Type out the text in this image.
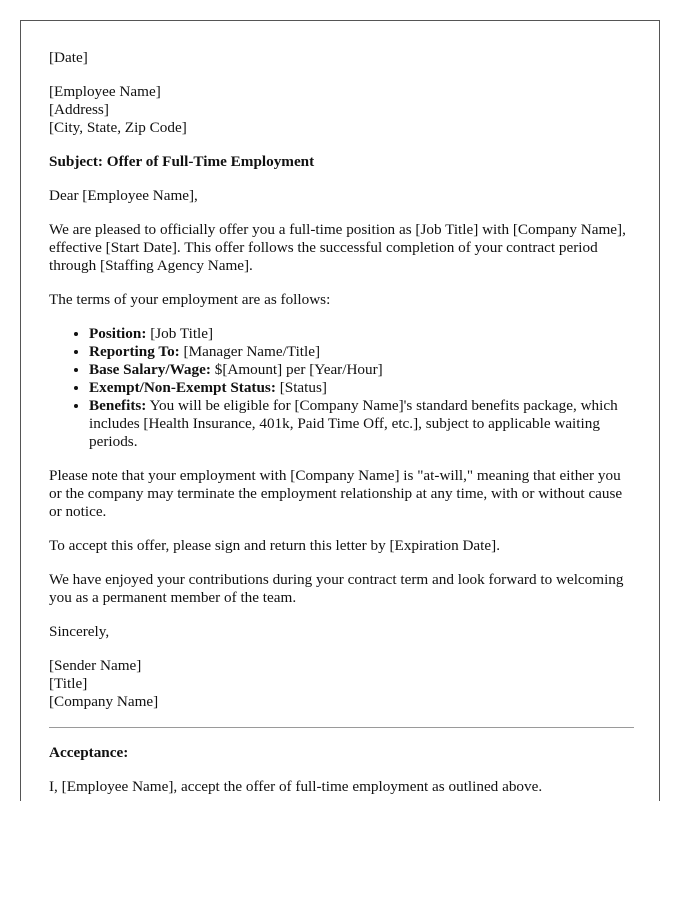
[Date]

[Employee Name]
[Address]
[City, State, Zip Code]

Subject: Offer of Full-Time Employment

Dear [Employee Name],

We are pleased to officially offer you a full-time position as [Job Title] with [Company Name], effective [Start Date]. This offer follows the successful completion of your contract period through [Staffing Agency Name].

The terms of your employment are as follows:

• Position: [Job Title]
• Reporting To: [Manager Name/Title]
• Base Salary/Wage: $[Amount] per [Year/Hour]
• Exempt/Non-Exempt Status: [Status]
• Benefits: You will be eligible for [Company Name]'s standard benefits package, which includes [Health Insurance, 401k, Paid Time Off, etc.], subject to applicable waiting periods.

Please note that your employment with [Company Name] is "at-will," meaning that either you or the company may terminate the employment relationship at any time, with or without cause or notice.

To accept this offer, please sign and return this letter by [Expiration Date].

We have enjoyed your contributions during your contract term and look forward to welcoming you as a permanent member of the team.

Sincerely,

[Sender Name]
[Title]
[Company Name]

Acceptance:

I, [Employee Name], accept the offer of full-time employment as outlined above.
